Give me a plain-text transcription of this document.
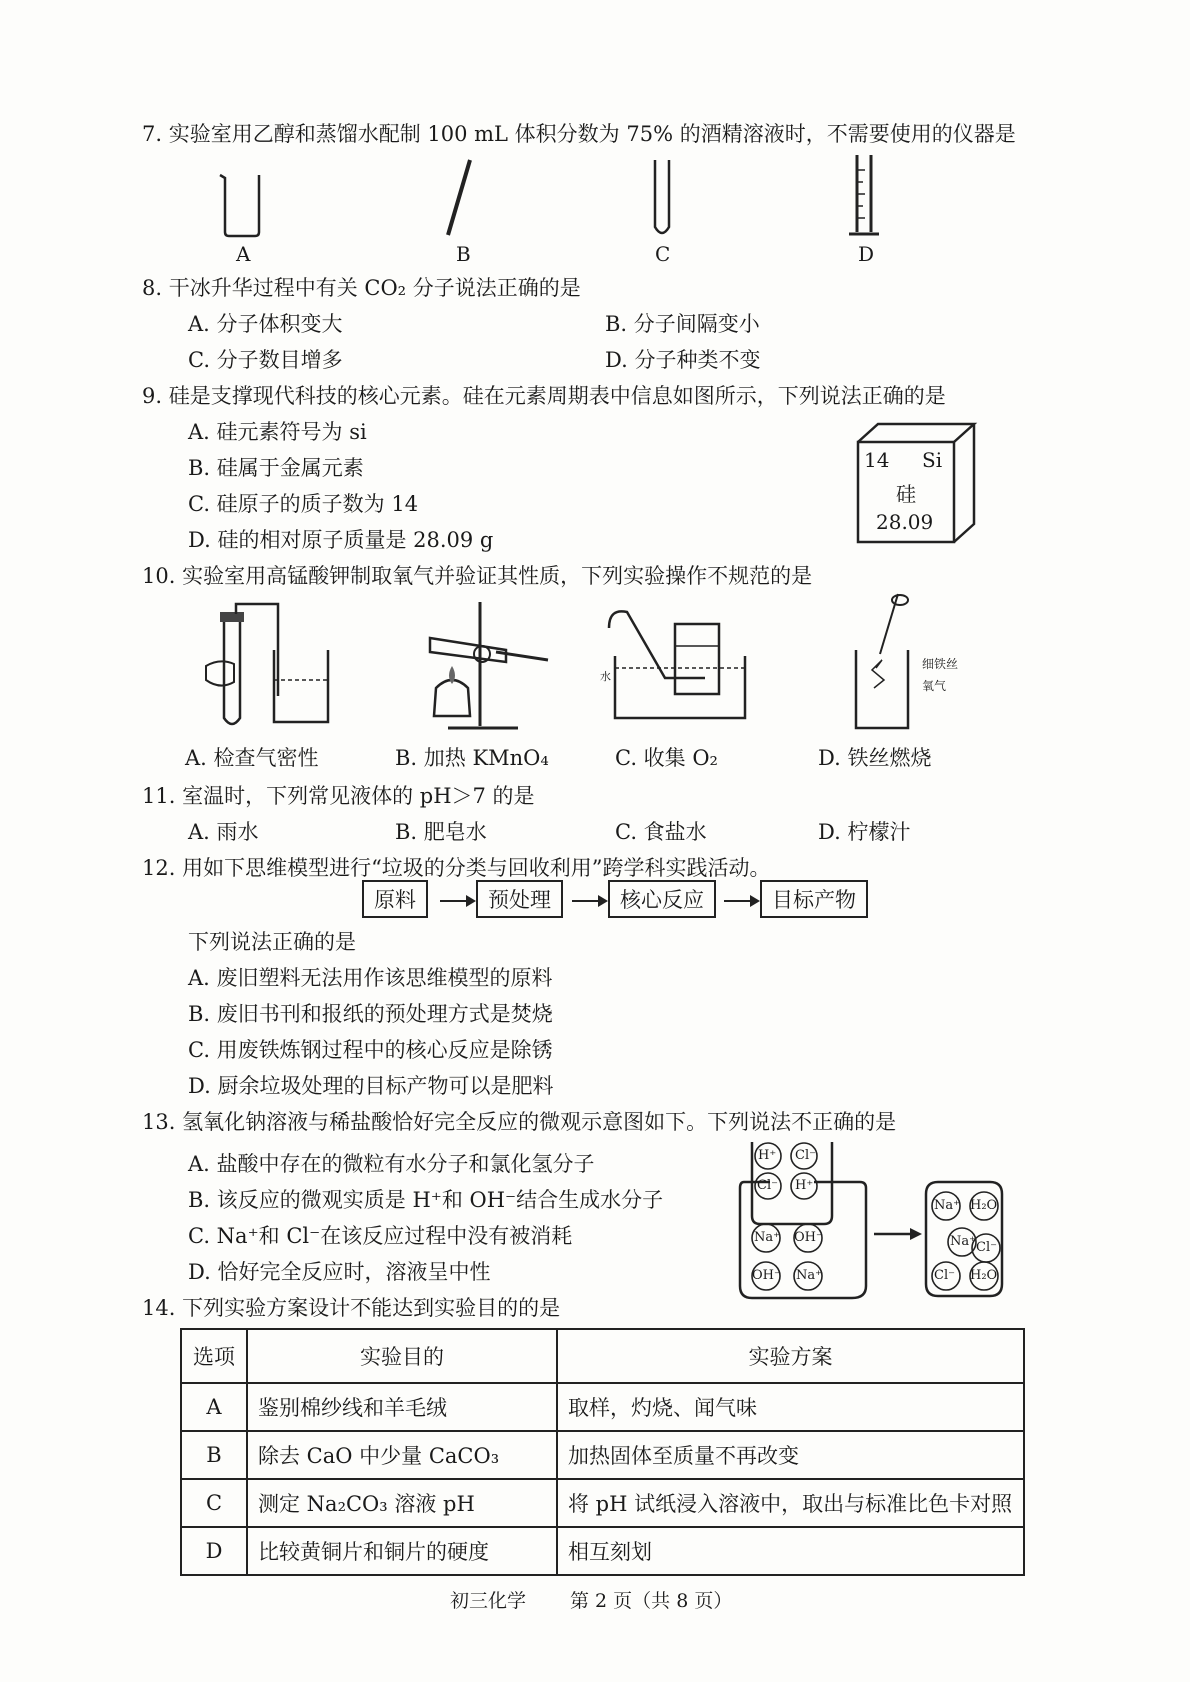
7. 实验室用乙醇和蒸馏水配制 100 mL 体积分数为 75% 的酒精溶液时，不需要使用的仪器是
A	B	C	D
8. 干冰升华过程中有关 CO₂ 分子说法正确的是
A. 分子体积变大	B. 分子间隔变小
C. 分子数目增多	D. 分子种类不变
9. 硅是支撑现代科技的核心元素。硅在元素周期表中信息如图所示，下列说法正确的是
A. 硅元素符号为 si
B. 硅属于金属元素
C. 硅原子的质子数为 14
D. 硅的相对原子质量是 28.09 g
14 Si
硅
28.09
10. 实验室用高锰酸钾制取氧气并验证其性质，下列实验操作不规范的是
水
细铁丝
氧气
A. 检查气密性	B. 加热 KMnO₄	C. 收集 O₂	D. 铁丝燃烧
11. 室温时，下列常见液体的 pH＞7 的是
A. 雨水	B. 肥皂水	C. 食盐水	D. 柠檬汁
12. 用如下思维模型进行“垃圾的分类与回收利用”跨学科实践活动。
原料	预处理	核心反应	目标产物
下列说法正确的是
A. 废旧塑料无法用作该思维模型的原料
B. 废旧书刊和报纸的预处理方式是焚烧
C. 用废铁炼钢过程中的核心反应是除锈
D. 厨余垃圾处理的目标产物可以是肥料
13. 氢氧化钠溶液与稀盐酸恰好完全反应的微观示意图如下。下列说法不正确的是
A. 盐酸中存在的微粒有水分子和氯化氢分子
B. 该反应的微观实质是 H⁺和 OH⁻结合生成水分子
C. Na⁺和 Cl⁻在该反应过程中没有被消耗
D. 恰好完全反应时，溶液呈中性
H⁺ Cl⁻
Cl⁻ H⁺
Na⁺ OH⁻
OH⁻ Na⁺
Na⁺ H₂O
Na⁺ Cl⁻
Cl⁻ H₂O
14. 下列实验方案设计不能达到实验目的的是
选项	实验目的	实验方案
A	鉴别棉纱线和羊毛绒	取样，灼烧、闻气味
B	除去 CaO 中少量 CaCO₃	加热固体至质量不再改变
C	测定 Na₂CO₃ 溶液 pH	将 pH 试纸浸入溶液中，取出与标准比色卡对照
D	比较黄铜片和铜片的硬度	相互刻划
初三化学 第 2 页（共 8 页）
